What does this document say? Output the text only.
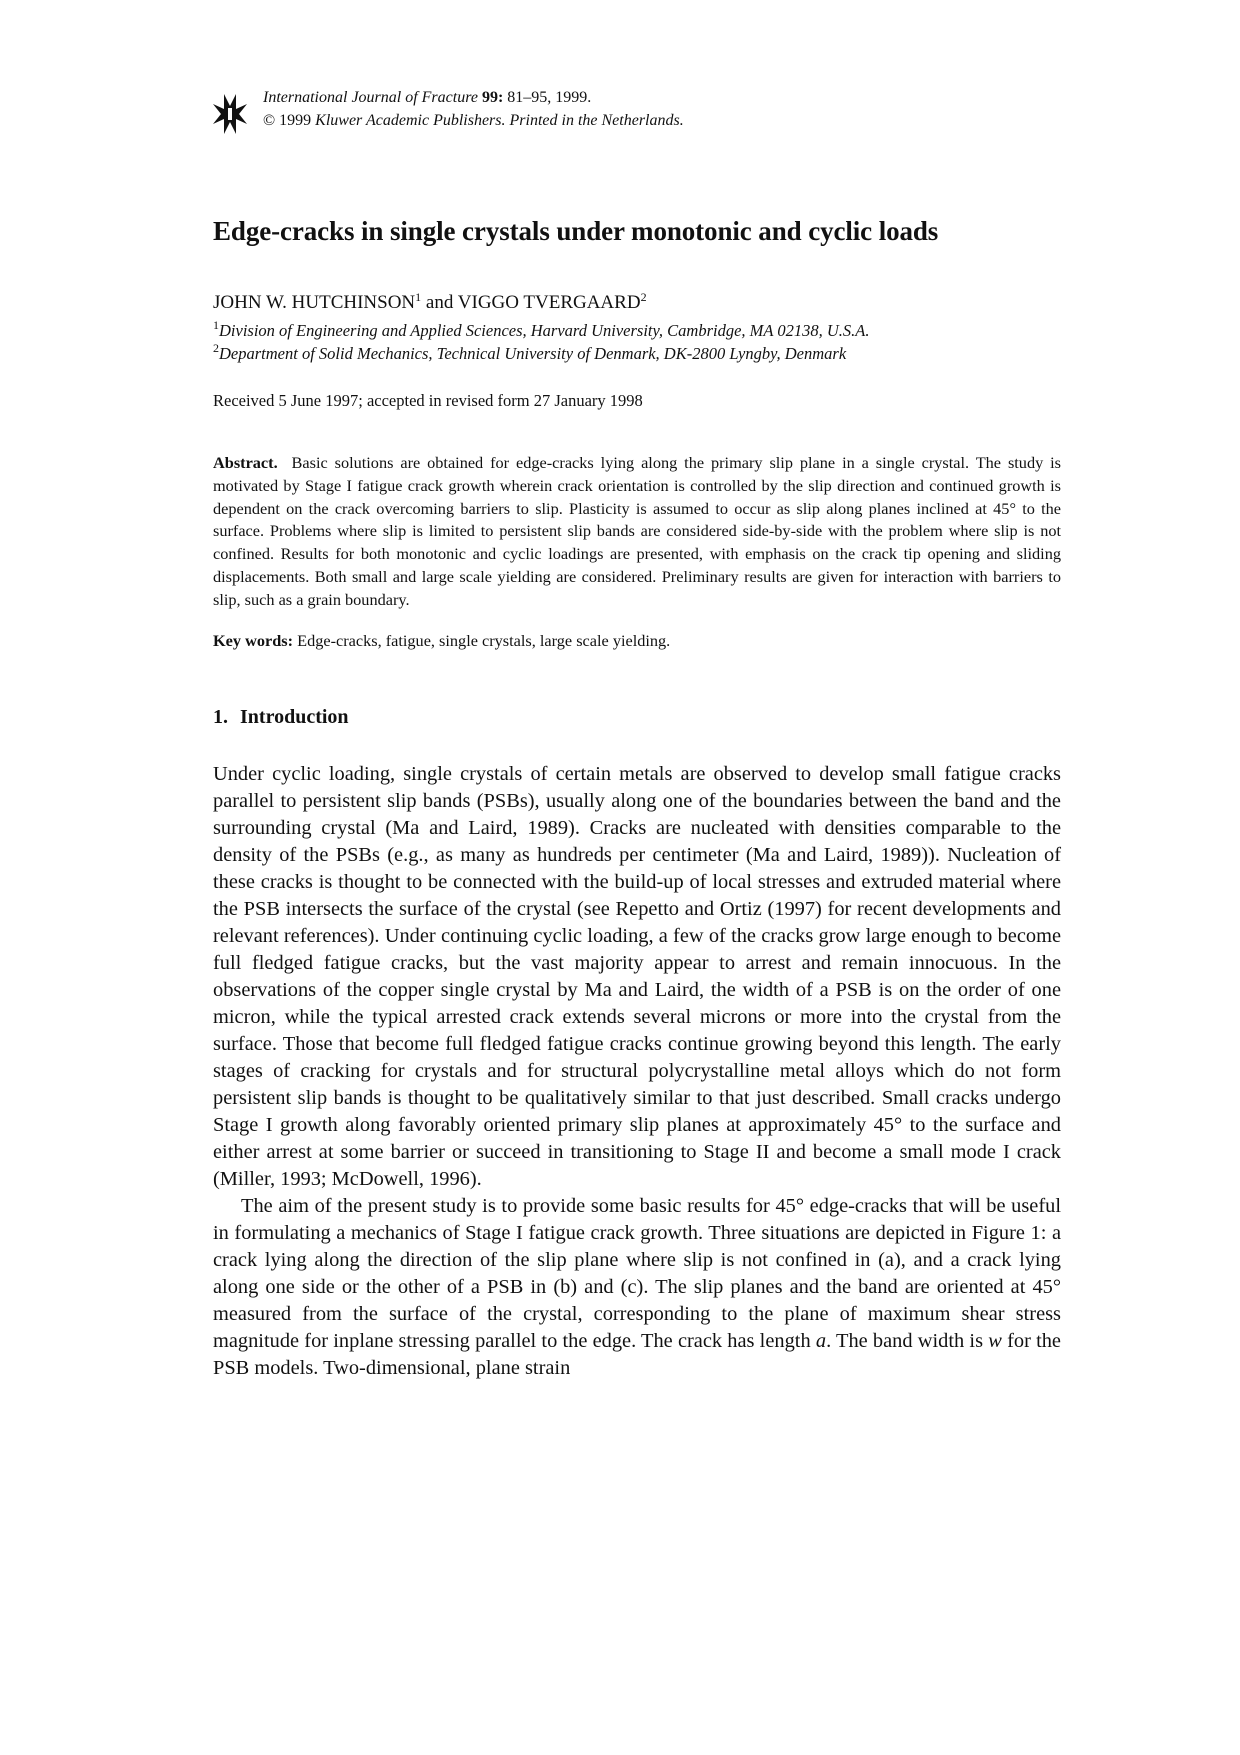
International Journal of Fracture 99: 81–95, 1999.
© 1999 Kluwer Academic Publishers. Printed in the Netherlands.
Edge-cracks in single crystals under monotonic and cyclic loads
JOHN W. HUTCHINSON$^1$ and VIGGO TVERGAARD$^2$
$^1$Division of Engineering and Applied Sciences, Harvard University, Cambridge, MA 02138, U.S.A.
$^2$Department of Solid Mechanics, Technical University of Denmark, DK-2800 Lyngby, Denmark
Received 5 June 1997; accepted in revised form 27 January 1998

Abstract. Basic solutions are obtained for edge-cracks lying along the primary slip plane in a single crystal. The study is motivated by Stage I fatigue crack growth wherein crack orientation is controlled by the slip direction and continued growth is dependent on the crack overcoming barriers to slip. Plasticity is assumed to occur as slip along planes inclined at 45° to the surface. Problems where slip is limited to persistent slip bands are considered side-by-side with the problem where slip is not confined. Results for both monotonic and cyclic loadings are presented, with emphasis on the crack tip opening and sliding displacements. Both small and large scale yielding are considered. Preliminary results are given for interaction with barriers to slip, such as a grain boundary.

Key words: Edge-cracks, fatigue, single crystals, large scale yielding.
1. Introduction

Under cyclic loading, single crystals of certain metals are observed to develop small fatigue cracks parallel to persistent slip bands (PSBs), usually along one of the boundaries between the band and the surrounding crystal (Ma and Laird, 1989). Cracks are nucleated with densities comparable to the density of the PSBs (e.g., as many as hundreds per centimeter (Ma and Laird, 1989)). Nucleation of these cracks is thought to be connected with the build-up of local stresses and extruded material where the PSB intersects the surface of the crystal (see Repetto and Ortiz (1997) for recent developments and relevant references). Under continuing cyclic loading, a few of the cracks grow large enough to become full fledged fatigue cracks, but the vast majority appear to arrest and remain innocuous. In the observations of the copper single crystal by Ma and Laird, the width of a PSB is on the order of one micron, while the typical arrested crack extends several microns or more into the crystal from the surface. Those that become full fledged fatigue cracks continue growing beyond this length. The early stages of cracking for crystals and for structural polycrystalline metal alloys which do not form persistent slip bands is thought to be qualitatively similar to that just described. Small cracks undergo Stage I growth along favorably oriented primary slip planes at approximately 45° to the surface and either arrest at some barrier or succeed in transitioning to Stage II and become a small mode I crack (Miller, 1993; McDowell, 1996).

The aim of the present study is to provide some basic results for 45° edge-cracks that will be useful in formulating a mechanics of Stage I fatigue crack growth. Three situations are depicted in Figure 1: a crack lying along the direction of the slip plane where slip is not confined in (a), and a crack lying along one side or the other of a PSB in (b) and (c). The slip planes and the band are oriented at 45° measured from the surface of the crystal, corresponding to the plane of maximum shear stress magnitude for inplane stressing parallel to the edge. The crack has length a. The band width is w for the PSB models. Two-dimensional, plane strain
